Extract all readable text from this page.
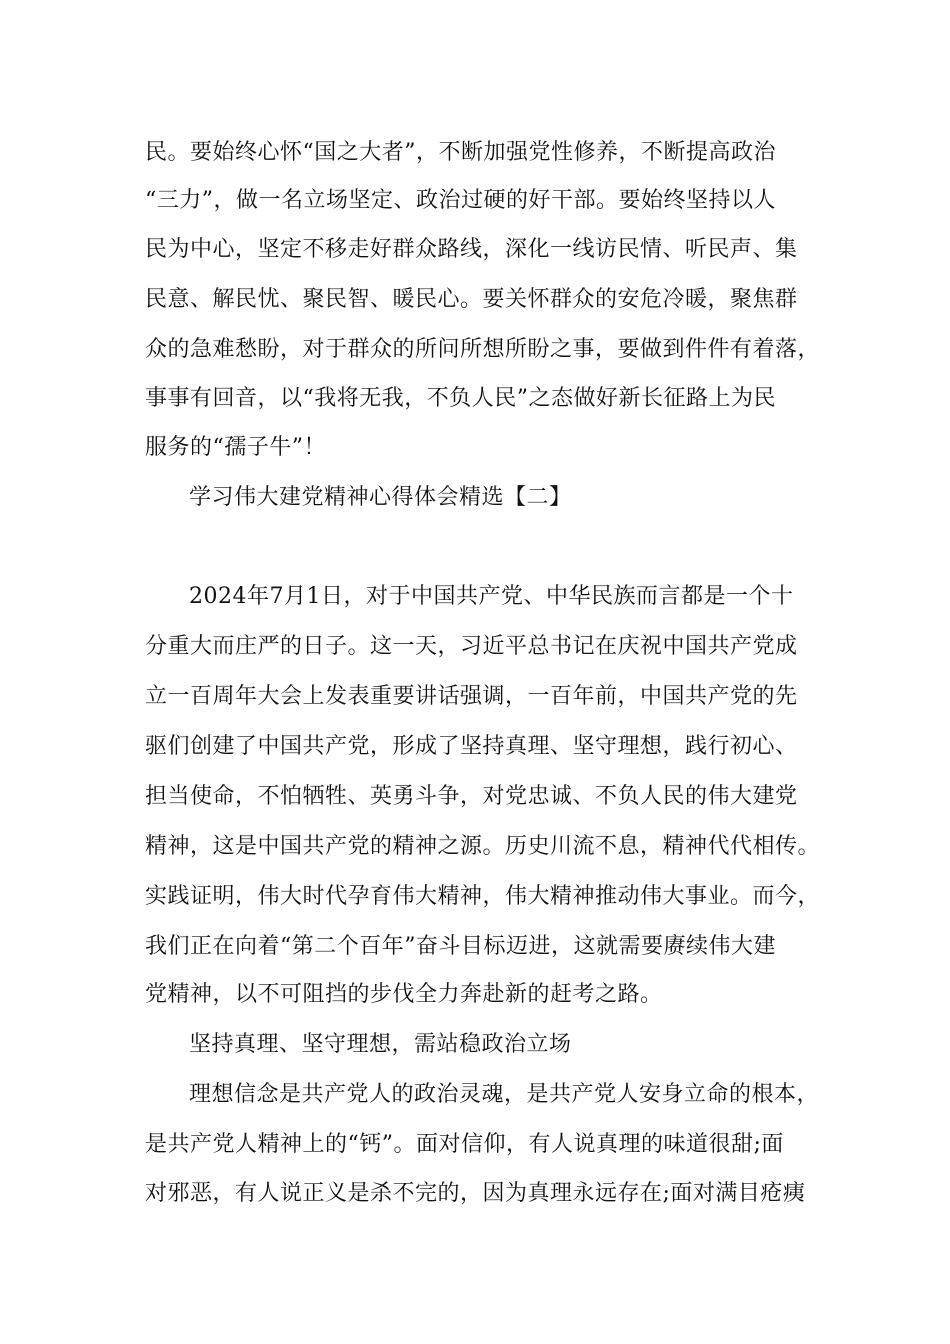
民。要始终心怀“国之大者”，不断加强党性修养，不断提高政治
“三力”，做一名立场坚定、政治过硬的好干部。要始终坚持以人
民为中心，坚定不移走好群众路线，深化一线访民情、听民声、集
民意、解民忧、聚民智、暖民心。要关怀群众的安危冷暖，聚焦群
众的急难愁盼，对于群众的所问所想所盼之事，要做到件件有着落，
事事有回音，以“我将无我，不负人民”之态做好新长征路上为民
服务的“孺子牛”！
学习伟大建党精神心得体会精选【二】
2024年7月1日，对于中国共产党、中华民族而言都是一个十
分重大而庄严的日子。这一天，习近平总书记在庆祝中国共产党成
立一百周年大会上发表重要讲话强调，一百年前，中国共产党的先
驱们创建了中国共产党，形成了坚持真理、坚守理想，践行初心、
担当使命，不怕牺牲、英勇斗争，对党忠诚、不负人民的伟大建党
精神，这是中国共产党的精神之源。历史川流不息，精神代代相传。
实践证明，伟大时代孕育伟大精神，伟大精神推动伟大事业。而今，
我们正在向着“第二个百年”奋斗目标迈进，这就需要赓续伟大建
党精神，以不可阻挡的步伐全力奔赴新的赶考之路。
坚持真理、坚守理想，需站稳政治立场
理想信念是共产党人的政治灵魂，是共产党人安身立命的根本，
是共产党人精神上的“钙”。面对信仰，有人说真理的味道很甜;面
对邪恶，有人说正义是杀不完的，因为真理永远存在;面对满目疮痍
